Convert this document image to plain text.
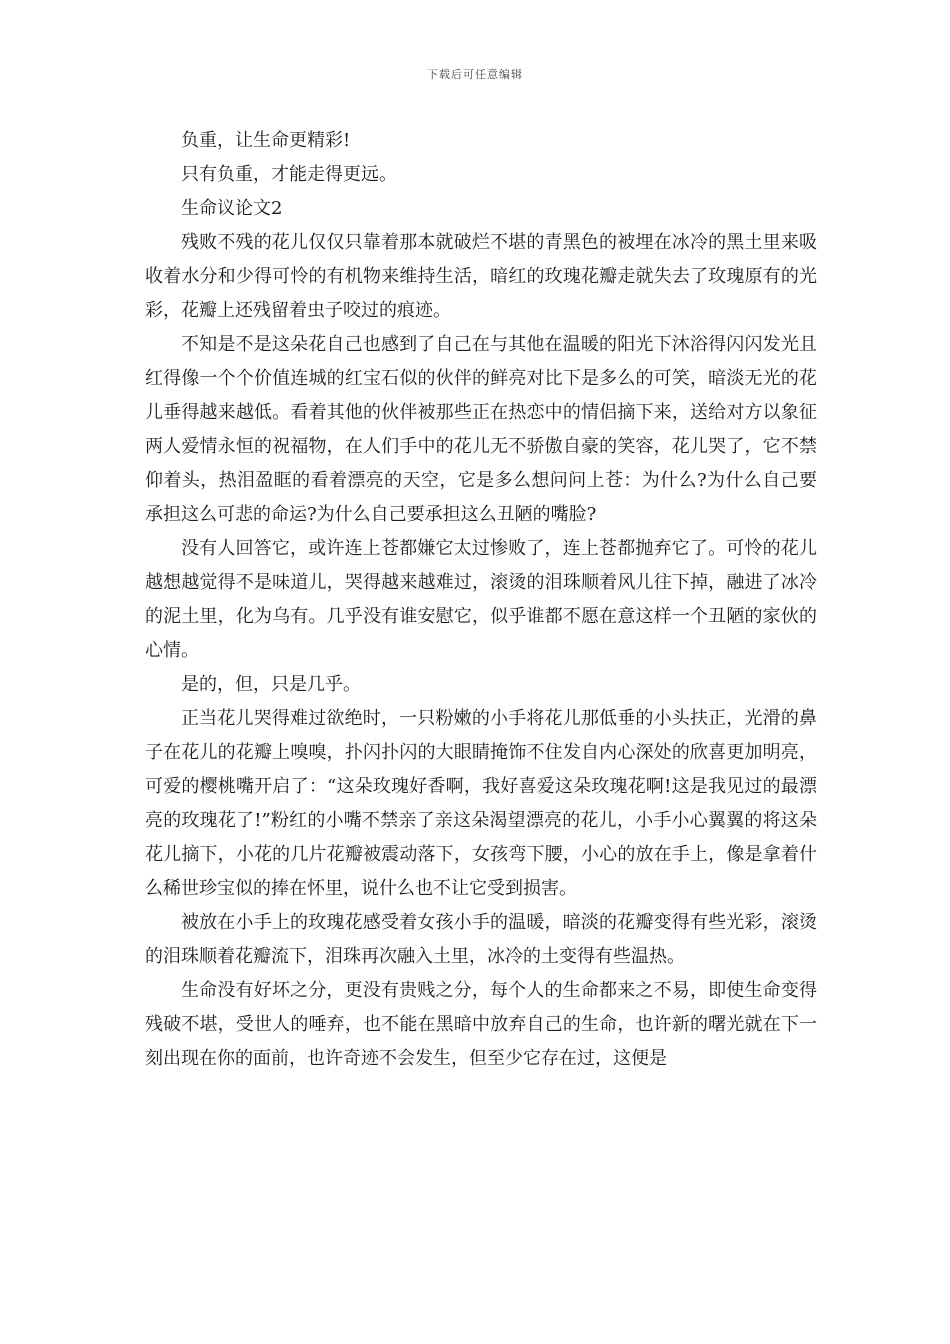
下载后可任意编辑

负重，让生命更精彩!

只有负重，才能走得更远。

生命议论文2

残败不残的花儿仅仅只靠着那本就破烂不堪的青黑色的被埋在冰冷的黑土里来吸收着水分和少得可怜的有机物来维持生活，暗红的玫瑰花瓣走就失去了玫瑰原有的光彩，花瓣上还残留着虫子咬过的痕迹。

不知是不是这朵花自己也感到了自己在与其他在温暖的阳光下沐浴得闪闪发光且红得像一个个价值连城的红宝石似的伙伴的鲜亮对比下是多么的可笑，暗淡无光的花儿垂得越来越低。看着其他的伙伴被那些正在热恋中的情侣摘下来，送给对方以象征两人爱情永恒的祝福物，在人们手中的花儿无不骄傲自豪的笑容，花儿哭了，它不禁仰着头，热泪盈眶的看着漂亮的天空，它是多么想问问上苍：为什么?为什么自己要承担这么可悲的命运?为什么自己要承担这么丑陋的嘴脸?

没有人回答它，或许连上苍都嫌它太过惨败了，连上苍都抛弃它了。可怜的花儿越想越觉得不是味道儿，哭得越来越难过，滚烫的泪珠顺着风儿往下掉，融进了冰冷的泥土里，化为乌有。几乎没有谁安慰它，似乎谁都不愿在意这样一个丑陋的家伙的心情。

是的，但，只是几乎。

正当花儿哭得难过欲绝时，一只粉嫩的小手将花儿那低垂的小头扶正，光滑的鼻子在花儿的花瓣上嗅嗅，扑闪扑闪的大眼睛掩饰不住发自内心深处的欣喜更加明亮，可爱的樱桃嘴开启了：“这朵玫瑰好香啊，我好喜爱这朵玫瑰花啊!这是我见过的最漂亮的玫瑰花了!”粉红的小嘴不禁亲了亲这朵渴望漂亮的花儿，小手小心翼翼的将这朵花儿摘下，小花的几片花瓣被震动落下，女孩弯下腰，小心的放在手上，像是拿着什么稀世珍宝似的捧在怀里，说什么也不让它受到损害。

被放在小手上的玫瑰花感受着女孩小手的温暖，暗淡的花瓣变得有些光彩，滚烫的泪珠顺着花瓣流下，泪珠再次融入土里，冰冷的土变得有些温热。

生命没有好坏之分，更没有贵贱之分，每个人的生命都来之不易，即使生命变得残破不堪，受世人的唾弃，也不能在黑暗中放弃自己的生命，也许新的曙光就在下一刻出现在你的面前，也许奇迹不会发生，但至少它存在过，这便是
